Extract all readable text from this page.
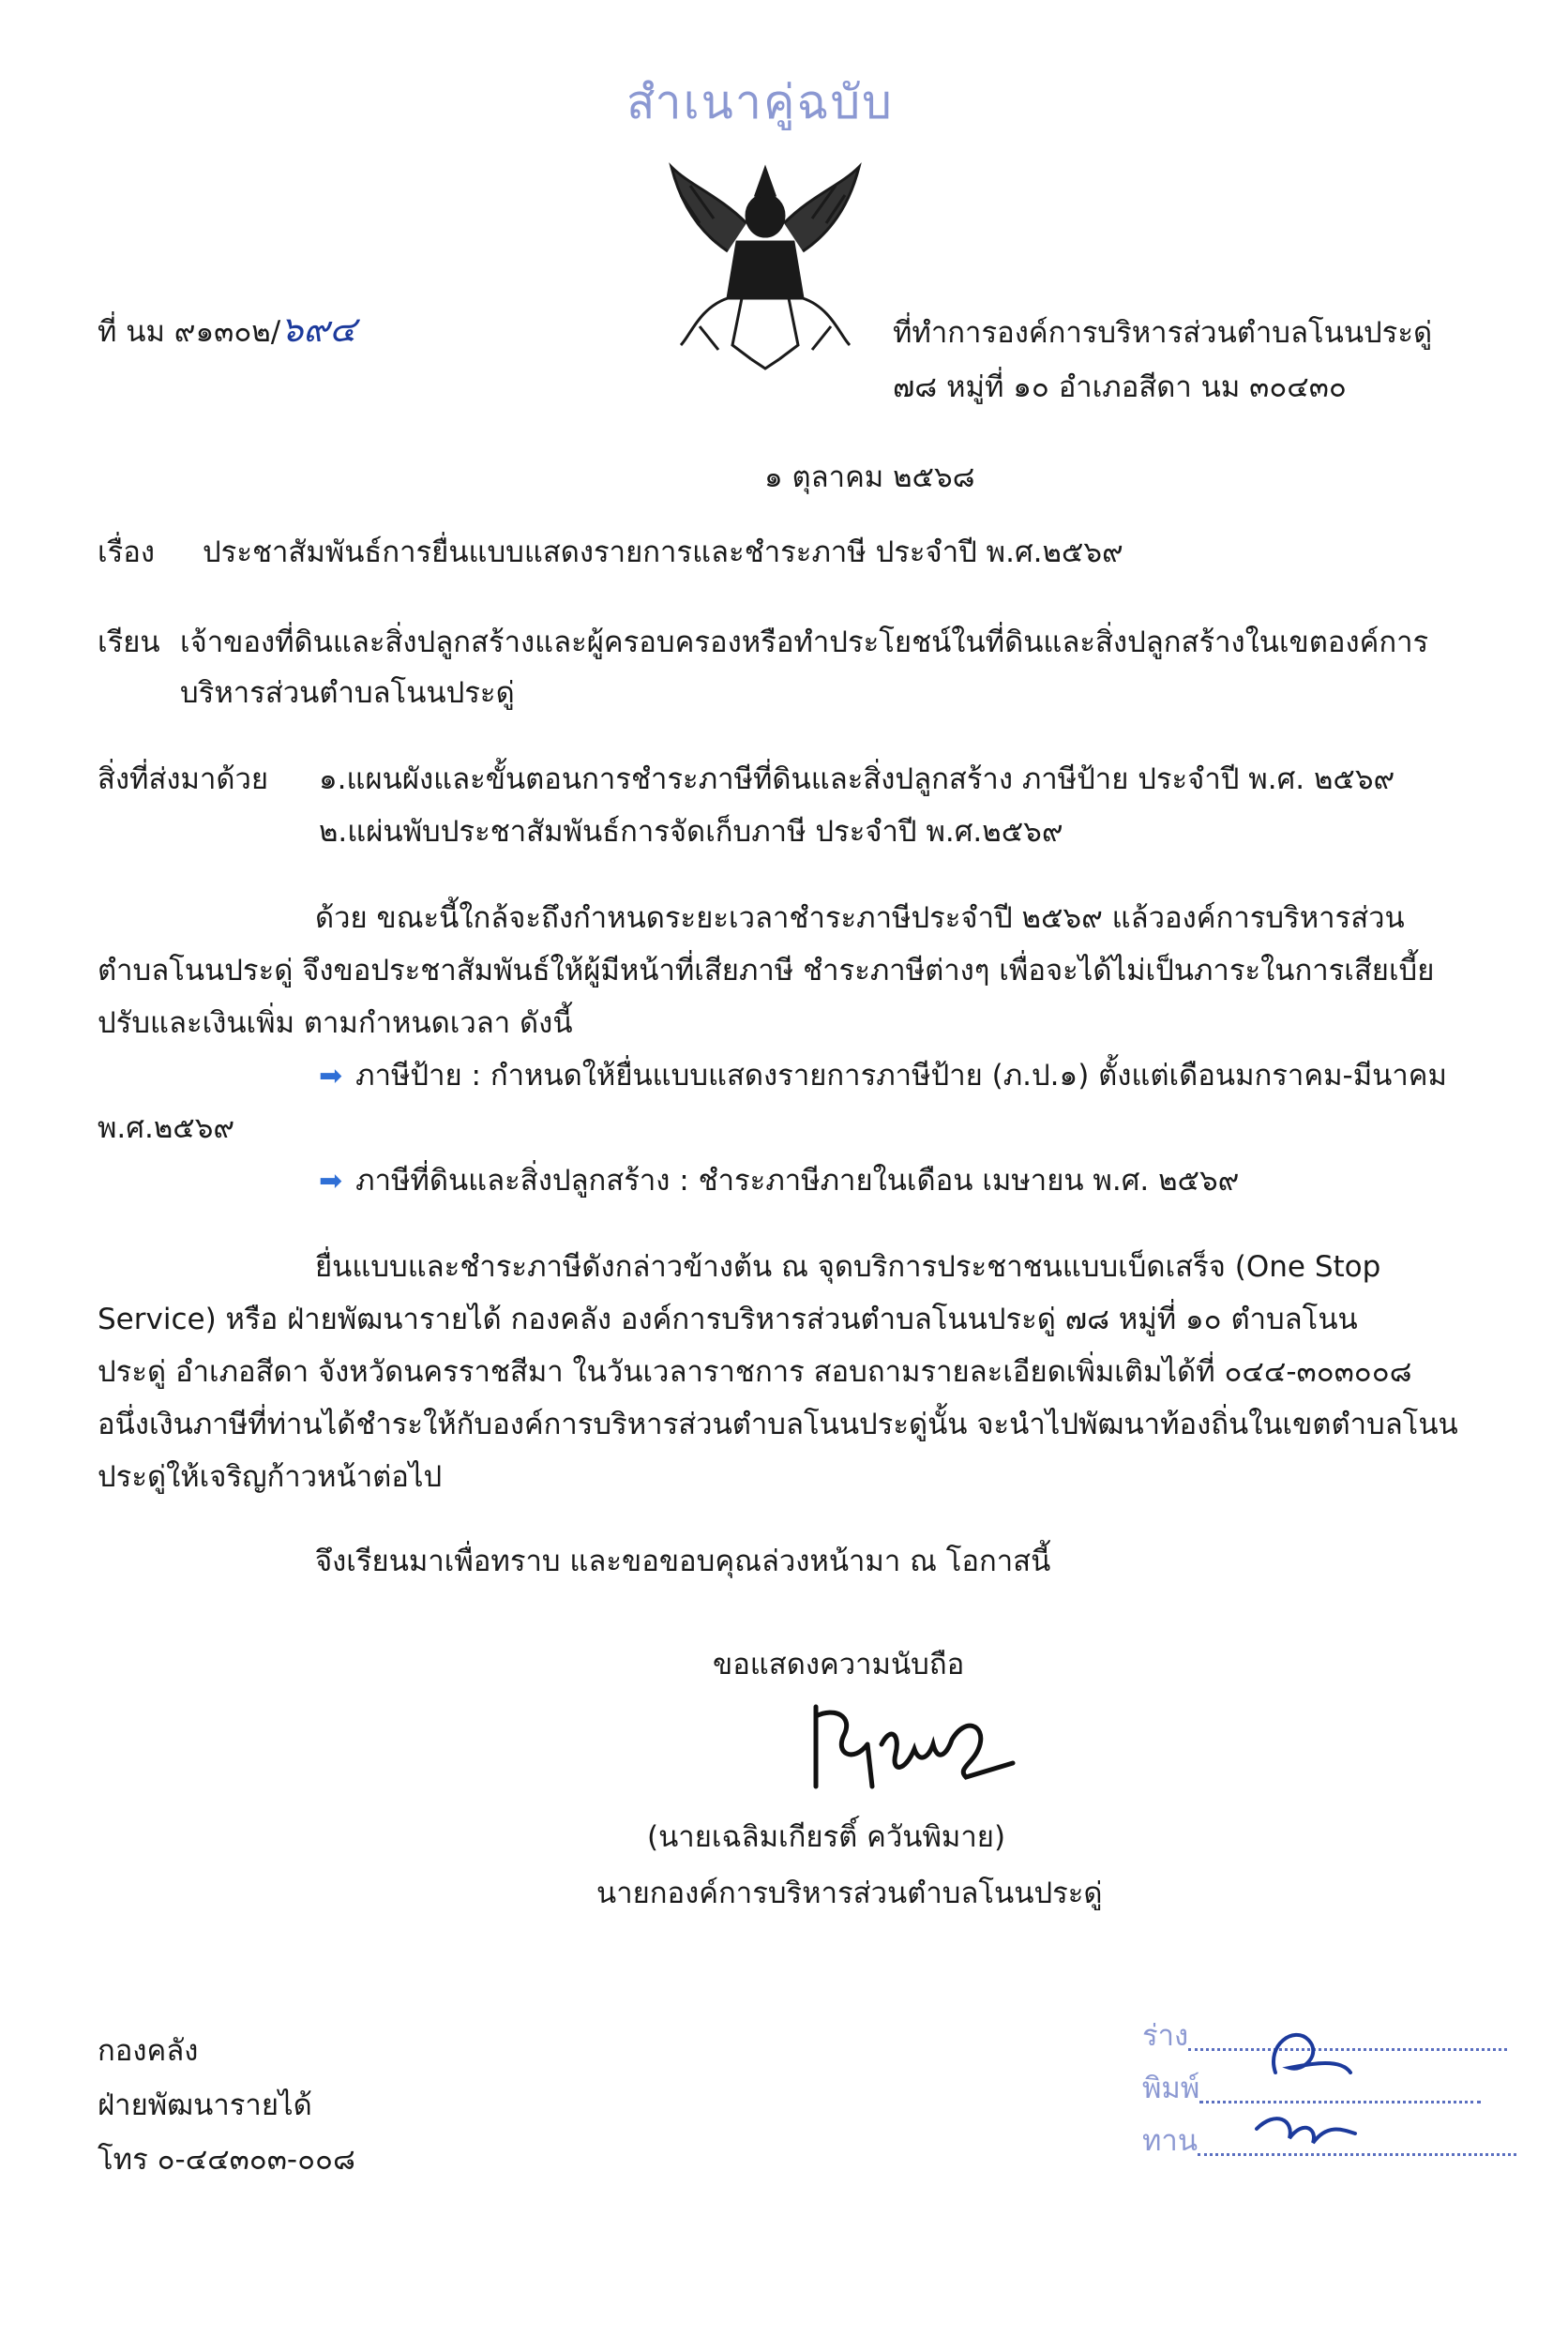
สำเนาคู่ฉบับ
ที่ นม ๙๑๓๐๒/๖๙๔	ที่ทำการองค์การบริหารส่วนตำบลโนนประดู่
๗๘ หมู่ที่ ๑๐ อำเภอสีดา นม ๓๐๔๓๐
๑ ตุลาคม ๒๕๖๘
เรื่อง ประชาสัมพันธ์การยื่นแบบแสดงรายการและชำระภาษี ประจำปี พ.ศ.๒๕๖๙
เรียน เจ้าของที่ดินและสิ่งปลูกสร้างและผู้ครอบครองหรือทำประโยชน์ในที่ดินและสิ่งปลูกสร้างในเขตองค์การ
บริหารส่วนตำบลโนนประดู่
สิ่งที่ส่งมาด้วย ๑.แผนผังและขั้นตอนการชำระภาษีที่ดินและสิ่งปลูกสร้าง ภาษีป้าย ประจำปี พ.ศ. ๒๕๖๙
๒.แผ่นพับประชาสัมพันธ์การจัดเก็บภาษี ประจำปี พ.ศ.๒๕๖๙
ด้วย ขณะนี้ใกล้จะถึงกำหนดระยะเวลาชำระภาษีประจำปี ๒๕๖๙ แล้วองค์การบริหารส่วน
ตำบลโนนประดู่ จึงขอประชาสัมพันธ์ให้ผู้มีหน้าที่เสียภาษี ชำระภาษีต่างๆ เพื่อจะได้ไม่เป็นภาระในการเสียเบี้ย
ปรับและเงินเพิ่ม ตามกำหนดเวลา ดังนี้
➡ ภาษีป้าย : กำหนดให้ยื่นแบบแสดงรายการภาษีป้าย (ภ.ป.๑) ตั้งแต่เดือนมกราคม-มีนาคม
พ.ศ.๒๕๖๙
➡ ภาษีที่ดินและสิ่งปลูกสร้าง : ชำระภาษีภายในเดือน เมษายน พ.ศ. ๒๕๖๙
ยื่นแบบและชำระภาษีดังกล่าวข้างต้น ณ จุดบริการประชาชนแบบเบ็ดเสร็จ (One Stop
Service) หรือ ฝ่ายพัฒนารายได้ กองคลัง องค์การบริหารส่วนตำบลโนนประดู่ ๗๘ หมู่ที่ ๑๐ ตำบลโนน
ประดู่ อำเภอสีดา จังหวัดนครราชสีมา ในวันเวลาราชการ สอบถามรายละเอียดเพิ่มเติมได้ที่ ๐๔๔-๓๐๓๐๐๘
อนึ่งเงินภาษีที่ท่านได้ชำระให้กับองค์การบริหารส่วนตำบลโนนประดู่นั้น จะนำไปพัฒนาท้องถิ่นในเขตตำบลโนน
ประดู่ให้เจริญก้าวหน้าต่อไป
จึงเรียนมาเพื่อทราบ และขอขอบคุณล่วงหน้ามา ณ โอกาสนี้
ขอแสดงความนับถือ
(นายเฉลิมเกียรติ์ ควันพิมาย)
นายกองค์การบริหารส่วนตำบลโนนประดู่
กองคลัง
ฝ่ายพัฒนารายได้
โทร ๐-๔๔๓๐๓-๐๐๘
ร่าง
พิมพ์
ทาน
